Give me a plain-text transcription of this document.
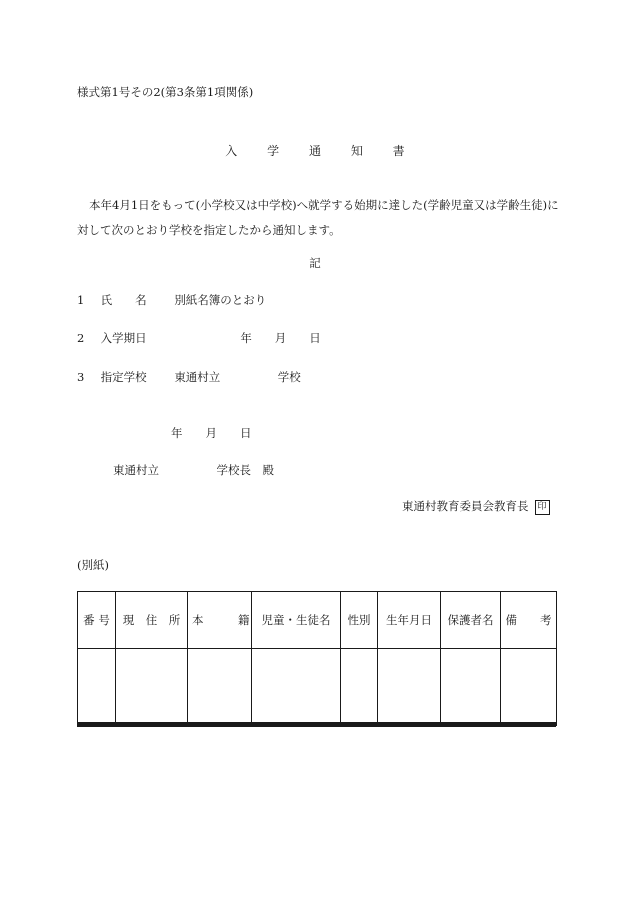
様式第1号その2(第3条第1項関係)
入 学 通 知 書
本年4月1日をもって(小学校又は中学校)へ就学する始期に達した(学齢児童又は学齢生徒)に対して次のとおり学校を指定したから通知します。
記
1 氏　　名 別紙名簿のとおり
2 入学期日	年　　月　　日
3 指定学校 東通村立　　　　　学校
年　　月　　日
東通村立　　　　　学校長　殿
東通村教育委員会教育長 印
(別紙)
番 号	現　住　所	本　　　籍	児童・生徒名	性別	生年月日	保護者名	備　　考
